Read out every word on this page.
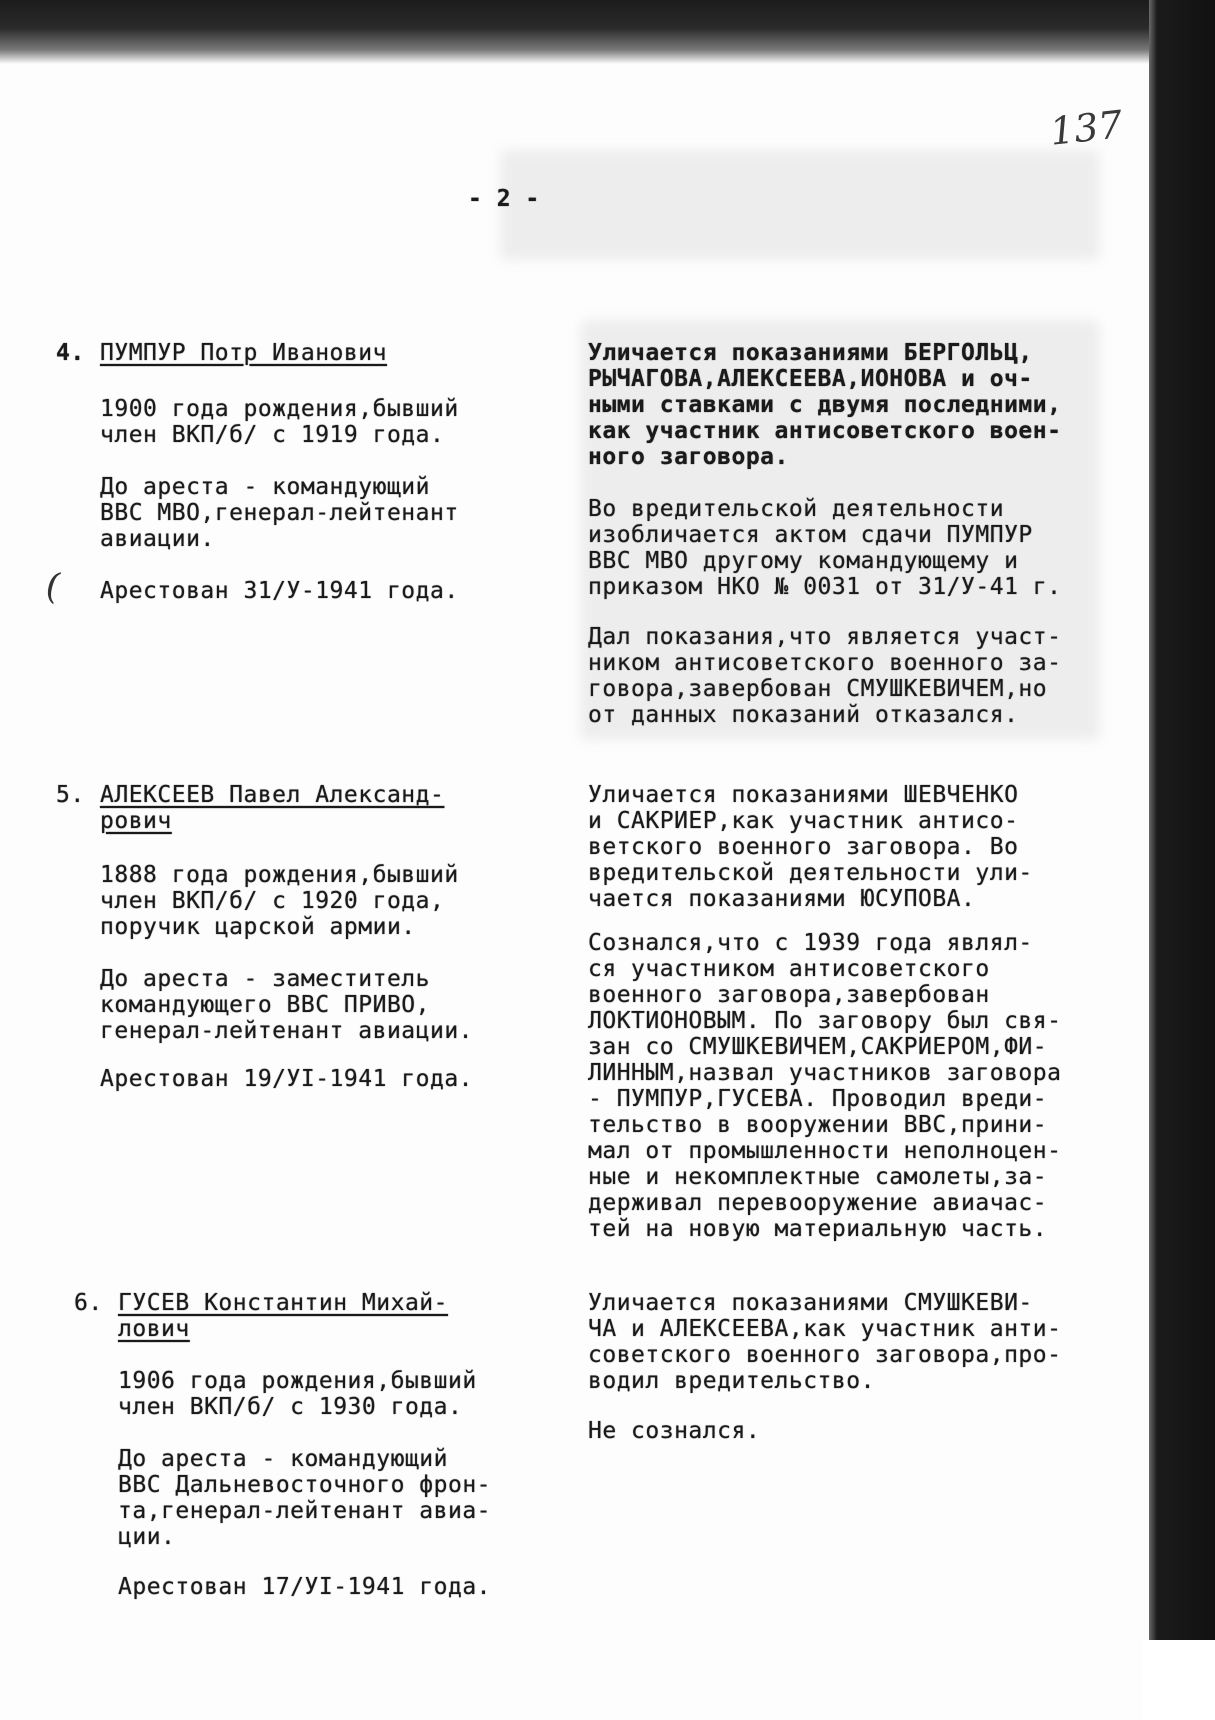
137
- 2 -
(
4. ПУМПУР Потр Иванович
1900 года рождения,бывший
член ВКП/б/ с 1919 года.
До ареста - командующий
ВВС МВО,генерал-лейтенант
авиации.
Арестован 31/У-1941 года.
Уличается показаниями БЕРГОЛЬЦ,
РЫЧАГОВА,АЛЕКСЕЕВА,ИОНОВА и оч-
ными ставками с двумя последними,
как участник антисоветского воен-
ного заговора.
Во вредительской деятельности
изобличается актом сдачи ПУМПУР
ВВС МВО другому командующему и
приказом НКО № 0031 от 31/У-41 г.
Дал показания,что является участ-
ником антисоветского военного за-
говора,завербован СМУШКЕВИЧЕМ,но
от данных показаний отказался.
5. АЛЕКСЕЕВ Павел Александ-
рович
1888 года рождения,бывший
член ВКП/б/ с 1920 года,
поручик царской армии.
До ареста - заместитель
командующего ВВС ПРИВО,
генерал-лейтенант авиации.
Арестован 19/УI-1941 года.
Уличается показаниями ШЕВЧЕНКО
и САКРИЕР,как участник антисо-
ветского военного заговора. Во
вредительской деятельности ули-
чается показаниями ЮСУПОВА.
Сознался,что с 1939 года являл-
ся участником антисоветского
военного заговора,завербован
ЛОКТИОНОВЫМ. По заговору был свя-
зан со СМУШКЕВИЧЕМ,САКРИЕРОМ,ФИ-
ЛИННЫМ,назвал участников заговора
- ПУМПУР,ГУСЕВА. Проводил вреди-
тельство в вооружении ВВС,прини-
мал от промышленности неполноцен-
ные и некомплектные самолеты,за-
держивал перевооружение авиачас-
тей на новую материальную часть.
6. ГУСЕВ Константин Михай-
лович
1906 года рождения,бывший
член ВКП/б/ с 1930 года.
До ареста - командующий
ВВС Дальневосточного фрон-
та,генерал-лейтенант авиа-
ции.
Арестован 17/УI-1941 года.
Уличается показаниями СМУШКЕВИ-
ЧА и АЛЕКСЕЕВА,как участник анти-
советского военного заговора,про-
водил вредительство.
Не сознался.
